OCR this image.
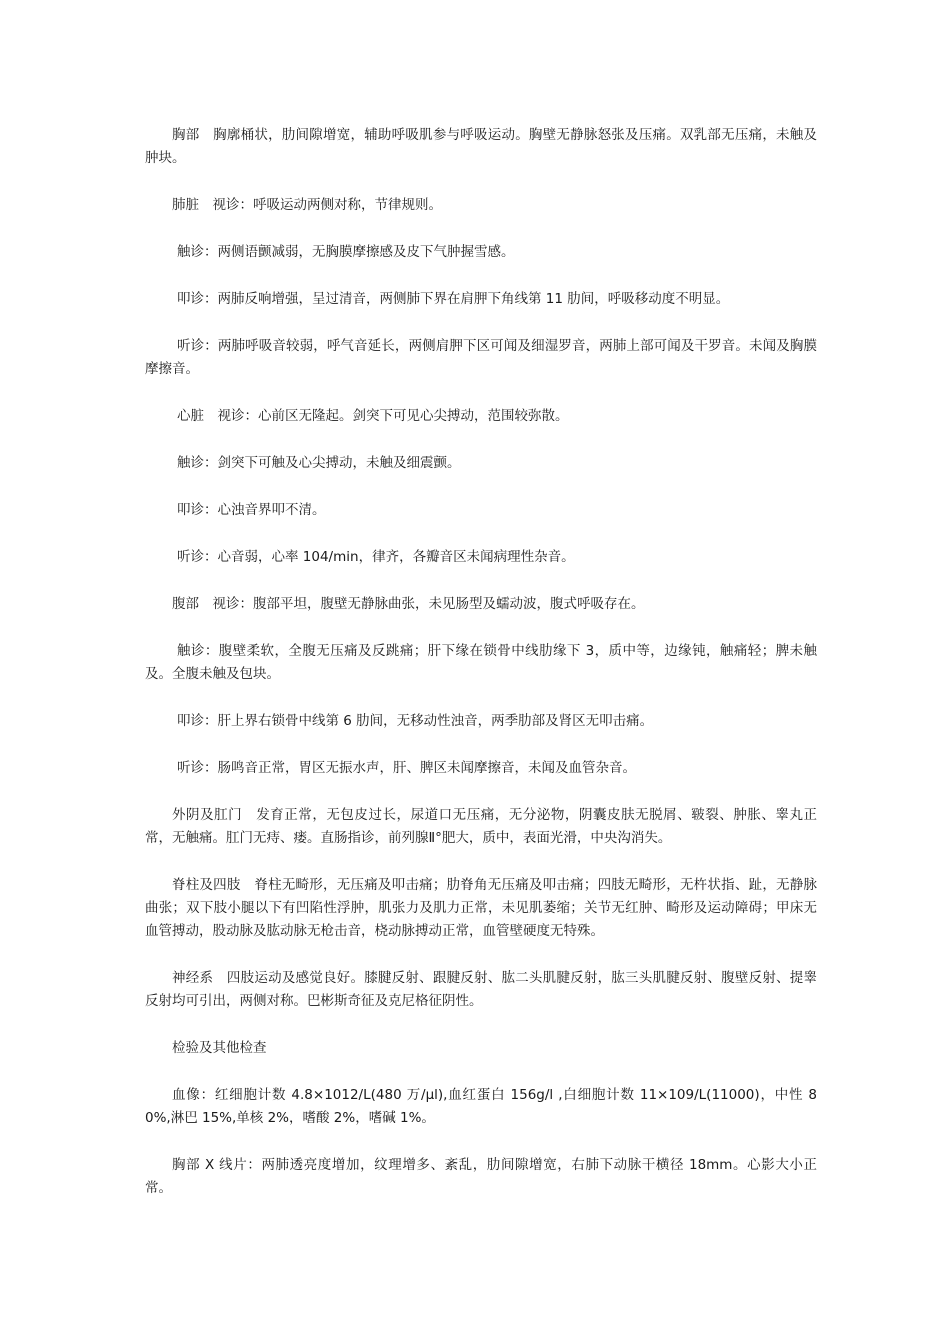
胸部　胸廓桶状，肋间隙增宽，辅助呼吸肌参与呼吸运动。胸壁无静脉怒张及压痛。双乳部无压痛，未触及肿块。

肺脏　视诊：呼吸运动两侧对称，节律规则。

触诊：两侧语颤减弱，无胸膜摩擦感及皮下气肿握雪感。

叩诊：两肺反响增强，呈过清音，两侧肺下界在肩胛下角线第 11 肋间，呼吸移动度不明显。

听诊：两肺呼吸音较弱，呼气音延长，两侧肩胛下区可闻及细湿罗音，两肺上部可闻及干罗音。未闻及胸膜摩擦音。

心脏　视诊：心前区无隆起。剑突下可见心尖搏动，范围较弥散。

触诊：剑突下可触及心尖搏动，未触及细震颤。

叩诊：心浊音界叩不清。

听诊：心音弱，心率 104/min，律齐，各瓣音区未闻病理性杂音。

腹部　视诊：腹部平坦，腹壁无静脉曲张，未见肠型及蠕动波，腹式呼吸存在。

触诊：腹壁柔软，全腹无压痛及反跳痛；肝下缘在锁骨中线肋缘下 3，质中等，边缘钝，触痛轻；脾未触及。全腹未触及包块。

叩诊：肝上界右锁骨中线第 6 肋间，无移动性浊音，两季肋部及肾区无叩击痛。

听诊：肠鸣音正常，胃区无振水声，肝、脾区未闻摩擦音，未闻及血管杂音。

外阴及肛门　发育正常，无包皮过长，尿道口无压痛，无分泌物，阴囊皮肤无脱屑、皲裂、肿胀、睾丸正常，无触痛。肛门无痔、瘘。直肠指诊，前列腺Ⅱ°肥大，质中，表面光滑，中央沟消失。

脊柱及四肢　脊柱无畸形，无压痛及叩击痛；肋脊角无压痛及叩击痛；四肢无畸形，无杵状指、趾，无静脉曲张；双下肢小腿以下有凹陷性浮肿，肌张力及肌力正常，未见肌萎缩；关节无红肿、畸形及运动障碍；甲床无血管搏动，股动脉及肱动脉无枪击音，桡动脉搏动正常，血管壁硬度无特殊。

神经系　四肢运动及感觉良好。膝腱反射、跟腱反射、肱二头肌腱反射，肱三头肌腱反射、腹壁反射、提睾反射均可引出，两侧对称。巴彬斯奇征及克尼格征阴性。

检验及其他检查

血像：红细胞计数 4.8×1012/L(480 万/μl),血红蛋白 156g/l ,白细胞计数 11×109/L(11000)，中性 80%,淋巴 15%,单核 2%，嗜酸 2%，嗜碱 1%。

胸部 X 线片：两肺透亮度增加，纹理增多、紊乱，肋间隙增宽，右肺下动脉干横径 18mm。心影大小正常。
